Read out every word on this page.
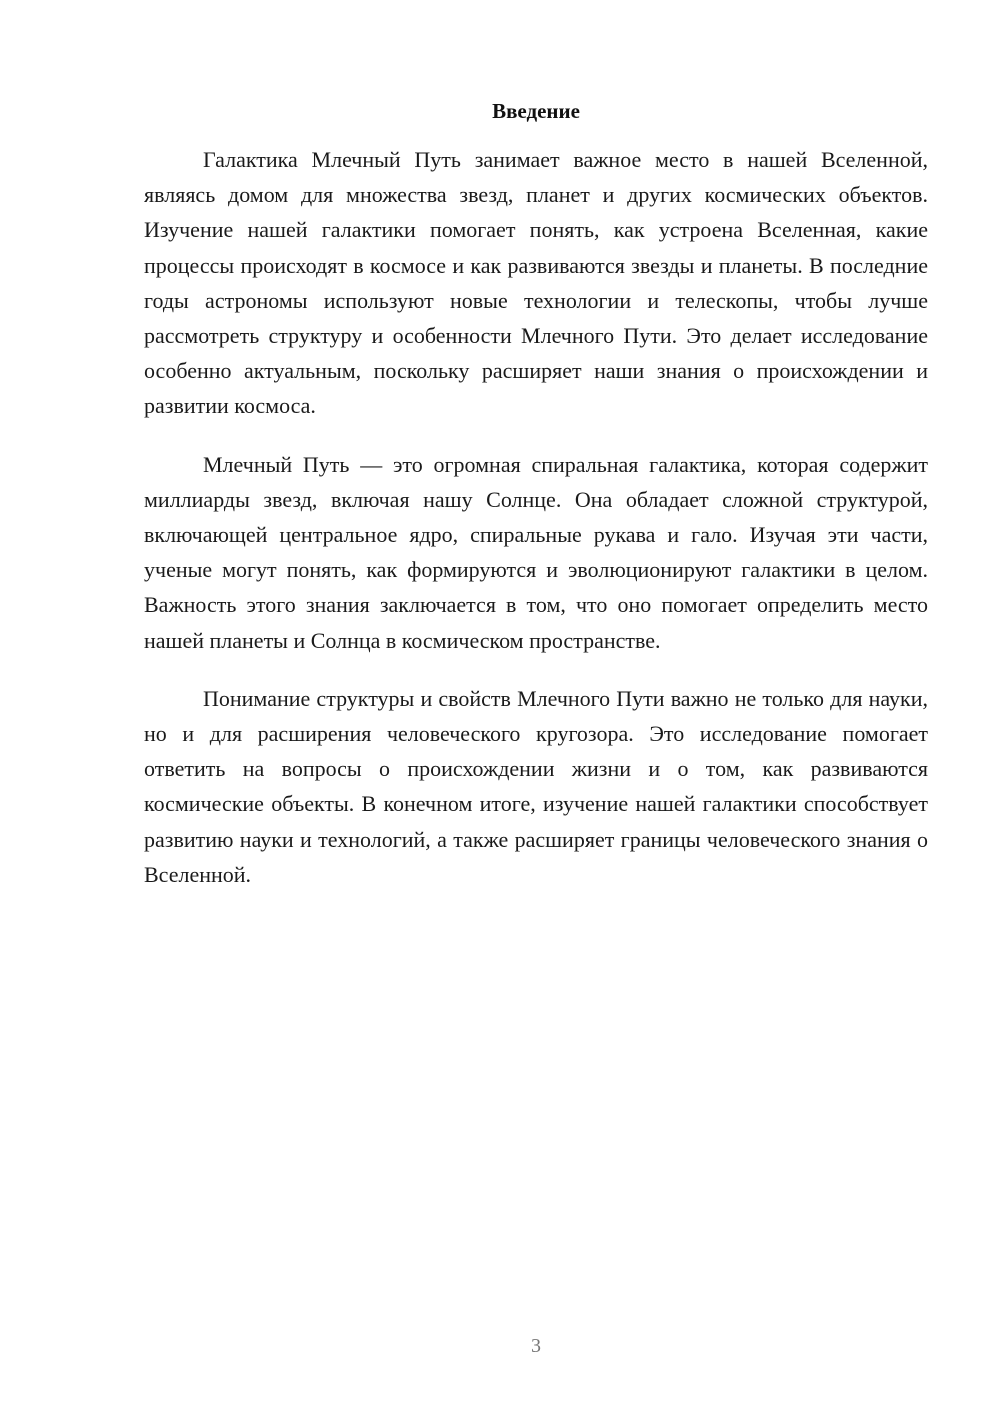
Введение

Галактика Млечный Путь занимает важное место в нашей Вселенной, являясь домом для множества звезд, планет и других космических объектов. Изучение нашей галактики помогает понять, как устроена Вселенная, какие процессы происходят в космосе и как развиваются звезды и планеты. В последние годы астрономы используют новые технологии и телескопы, чтобы лучше рассмотреть структуру и особенности Млечного Пути. Это делает исследование особенно актуальным, поскольку расширяет наши знания о происхождении и развитии космоса.

Млечный Путь — это огромная спиральная галактика, которая содержит миллиарды звезд, включая нашу Солнце. Она обладает сложной структурой, включающей центральное ядро, спиральные рукава и гало. Изучая эти части, ученые могут понять, как формируются и эволюционируют галактики в целом. Важность этого знания заключается в том, что оно помогает определить место нашей планеты и Солнца в космическом пространстве.

Понимание структуры и свойств Млечного Пути важно не только для науки, но и для расширения человеческого кругозора. Это исследование помогает ответить на вопросы о происхождении жизни и о том, как развиваются космические объекты. В конечном итоге, изучение нашей галактики способствует развитию науки и технологий, а также расширяет границы человеческого знания о Вселенной.

3
